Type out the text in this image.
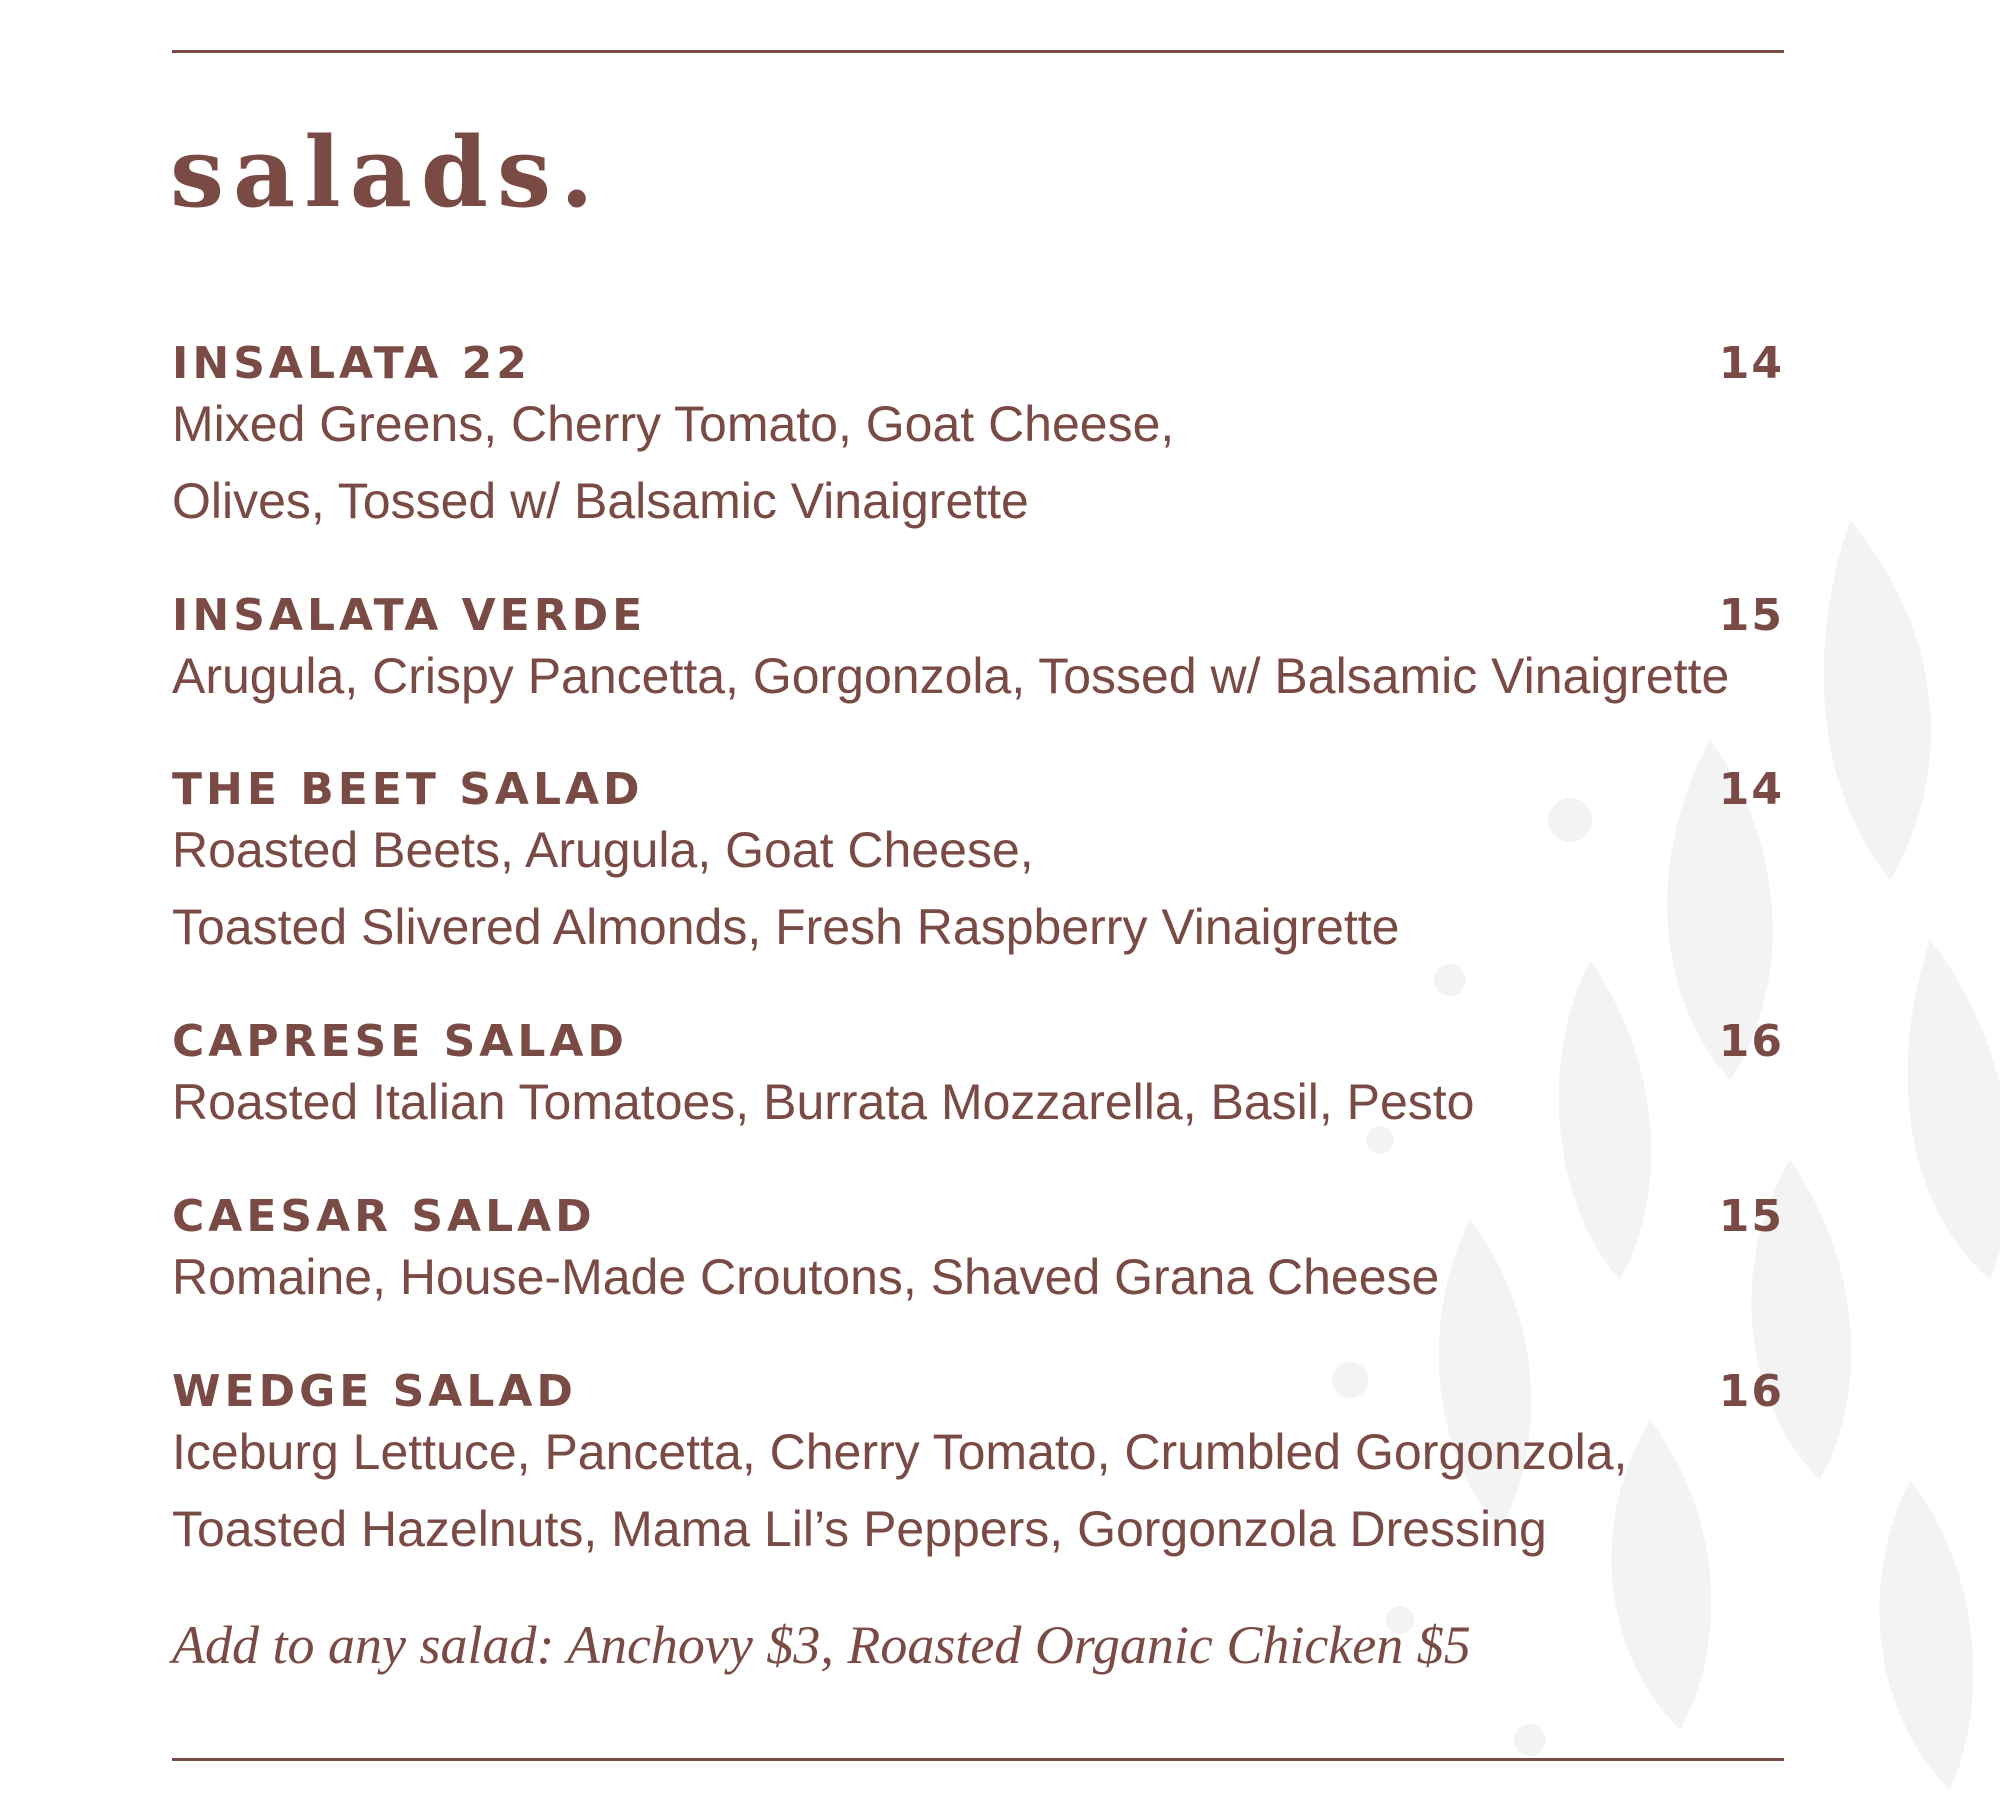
salads.
INSALATA 22	14
Mixed Greens, Cherry Tomato, Goat Cheese,
Olives, Tossed w/ Balsamic Vinaigrette
INSALATA VERDE	15
Arugula, Crispy Pancetta, Gorgonzola, Tossed w/ Balsamic Vinaigrette
THE BEET SALAD	14
Roasted Beets, Arugula, Goat Cheese,
Toasted Slivered Almonds, Fresh Raspberry Vinaigrette
CAPRESE SALAD	16
Roasted Italian Tomatoes, Burrata Mozzarella, Basil, Pesto
CAESAR SALAD	15
Romaine, House-Made Croutons, Shaved Grana Cheese
WEDGE SALAD	16
Iceburg Lettuce, Pancetta, Cherry Tomato, Crumbled Gorgonzola,
Toasted Hazelnuts, Mama Lil’s Peppers, Gorgonzola Dressing
Add to any salad: Anchovy $3, Roasted Organic Chicken $5
